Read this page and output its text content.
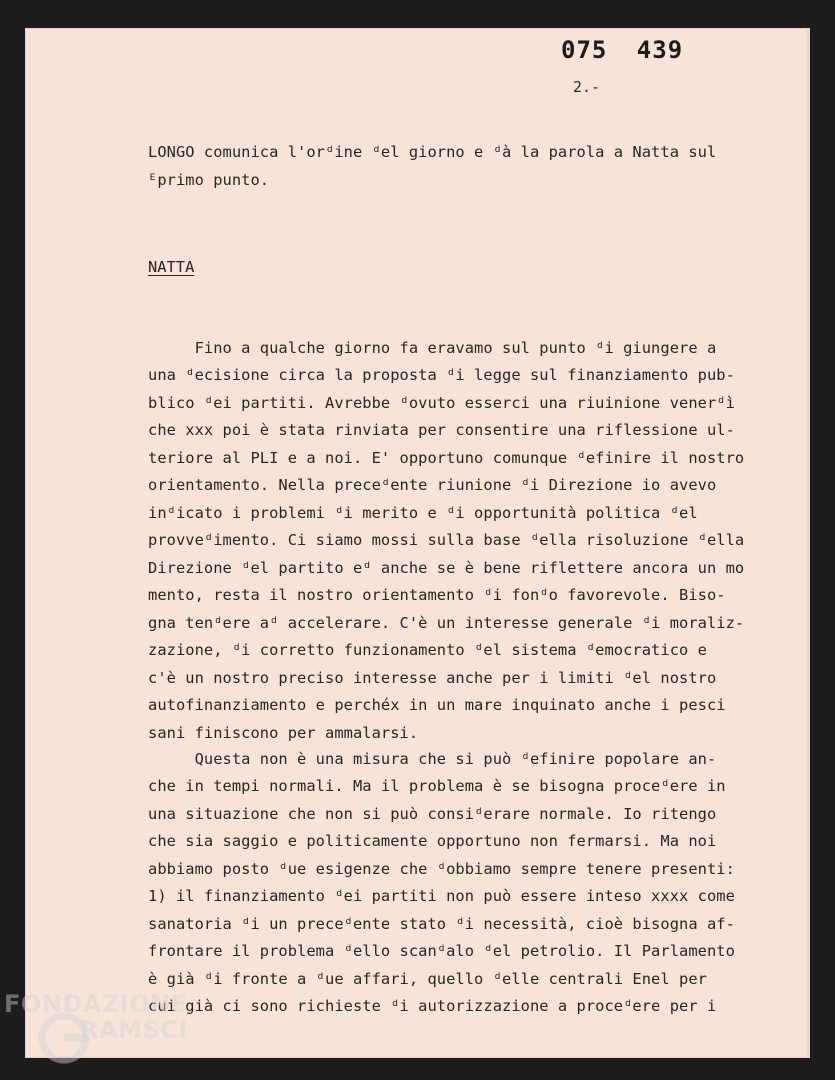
075 439
2.-
LONGO comunica l'orᵈine ᵈel giorno e ᵈà la parola a Natta sul
ᴱprimo punto.
NATTA
Fino a qualche giorno fa eravamo sul punto ᵈi giungere a
una ᵈecisione circa la proposta ᵈi legge sul finanziamento pub-
blico ᵈei partiti. Avrebbe ᵈovuto esserci una riuinione venerᵈì
che xxx poi è stata rinviata per consentire una riflessione ul-
teriore al PLI e a noi. E' opportuno comunque ᵈefinire il nostro
orientamento. Nella preceᵈente riunione ᵈi Direzione io avevo
inᵈicato i problemi ᵈi merito e ᵈi opportunità politica ᵈel
provveᵈimento. Ci siamo mossi sulla base ᵈella risoluzione ᵈella
Direzione ᵈel partito eᵈ anche se è bene riflettere ancora un mo
mento, resta il nostro orientamento ᵈi fonᵈo favorevole. Biso-
gna tenᵈere aᵈ accelerare. C'è un interesse generale ᵈi moraliz-
zazione, ᵈi corretto funzionamento ᵈel sistema ᵈemocratico e
c'è un nostro preciso interesse anche per i limiti ᵈel nostro
autofinanziamento e perchéx in un mare inquinato anche i pesci
sani finiscono per ammalarsi.
Questa non è una misura che si può ᵈefinire popolare an-
che in tempi normali. Ma il problema è se bisogna proceᵈere in
una situazione che non si può consiᵈerare normale. Io ritengo
che sia saggio e politicamente opportuno non fermarsi. Ma noi
abbiamo posto ᵈue esigenze che ᵈobbiamo sempre tenere presenti:
1) il finanziamento ᵈei partiti non può essere inteso xxxx come
sanatoria ᵈi un preceᵈente stato ᵈi necessità, cioè bisogna af-
frontare il problema ᵈello scanᵈalo ᵈel petrolio. Il Parlamento
è già ᵈi fronte a ᵈue affari, quello ᵈelle centrali Enel per
cui già ci sono richieste ᵈi autorizzazione a proceᵈere per i
FONDAZIONE
RAMSCI
